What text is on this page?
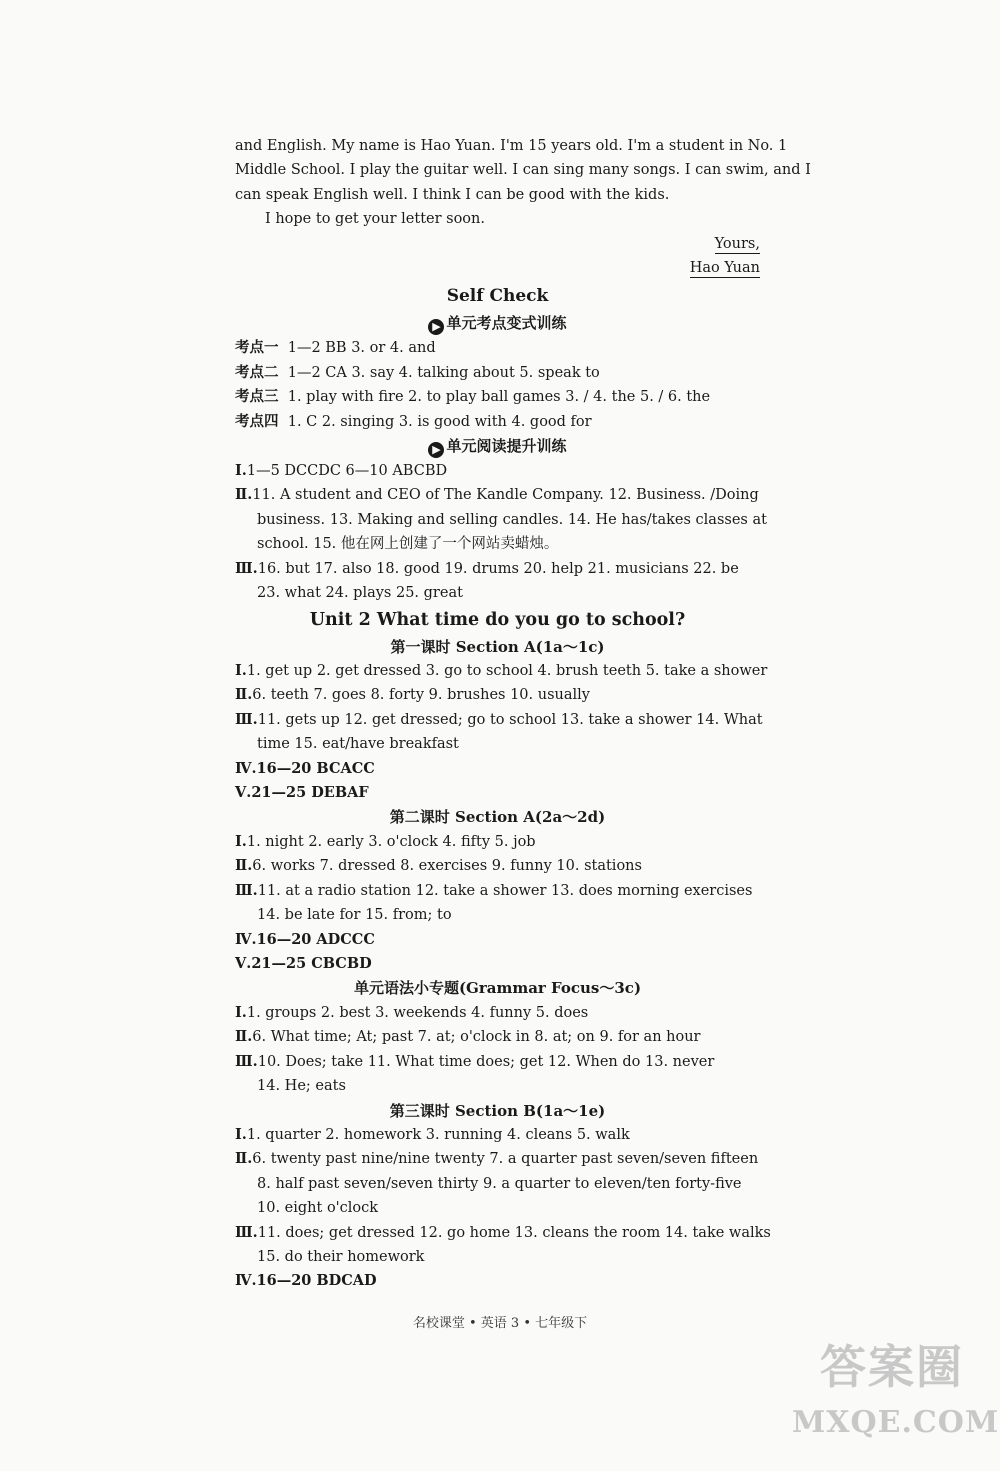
and English. My name is Hao Yuan. I'm 15 years old. I'm a student in No. 1
Middle School. I play the guitar well. I can sing many songs. I can swim, and I
can speak English well. I think I can be good with the kids.
I hope to get your letter soon.
Yours,
Hao Yuan
Self Check
▶ 单元考点变式训练
考点一 1—2 BB 3. or 4. and
考点二 1—2 CA 3. say 4. talking about 5. speak to
考点三 1. play with fire 2. to play ball games 3. / 4. the 5. / 6. the
考点四 1. C 2. singing 3. is good with 4. good for
▶ 单元阅读提升训练
Ⅰ.1—5 DCCDC 6—10 ABCBD
Ⅱ.11. A student and CEO of The Kandle Company. 12. Business. /Doing
business. 13. Making and selling candles. 14. He has/takes classes at
school. 15. 他在网上创建了一个网站卖蜡烛。
Ⅲ.16. but 17. also 18. good 19. drums 20. help 21. musicians 22. be
23. what 24. plays 25. great
Unit 2 What time do you go to school?
第一课时 Section A(1a～1c)
Ⅰ.1. get up 2. get dressed 3. go to school 4. brush teeth 5. take a shower
Ⅱ.6. teeth 7. goes 8. forty 9. brushes 10. usually
Ⅲ.11. gets up 12. get dressed; go to school 13. take a shower 14. What
time 15. eat/have breakfast
Ⅳ.16—20 BCACC
Ⅴ.21—25 DEBAF
第二课时 Section A(2a～2d)
Ⅰ.1. night 2. early 3. o'clock 4. fifty 5. job
Ⅱ.6. works 7. dressed 8. exercises 9. funny 10. stations
Ⅲ.11. at a radio station 12. take a shower 13. does morning exercises
14. be late for 15. from; to
Ⅳ.16—20 ADCCC
Ⅴ.21—25 CBCBD
单元语法小专题(Grammar Focus～3c)
Ⅰ.1. groups 2. best 3. weekends 4. funny 5. does
Ⅱ.6. What time; At; past 7. at; o'clock in 8. at; on 9. for an hour
Ⅲ.10. Does; take 11. What time does; get 12. When do 13. never
14. He; eats
第三课时 Section B(1a～1e)
Ⅰ.1. quarter 2. homework 3. running 4. cleans 5. walk
Ⅱ.6. twenty past nine/nine twenty 7. a quarter past seven/seven fifteen
8. half past seven/seven thirty 9. a quarter to eleven/ten forty-five
10. eight o'clock
Ⅲ.11. does; get dressed 12. go home 13. cleans the room 14. take walks
15. do their homework
Ⅳ.16—20 BDCAD
名校课堂 • 英语 3 • 七年级下
答案圈
MXQE.COM
